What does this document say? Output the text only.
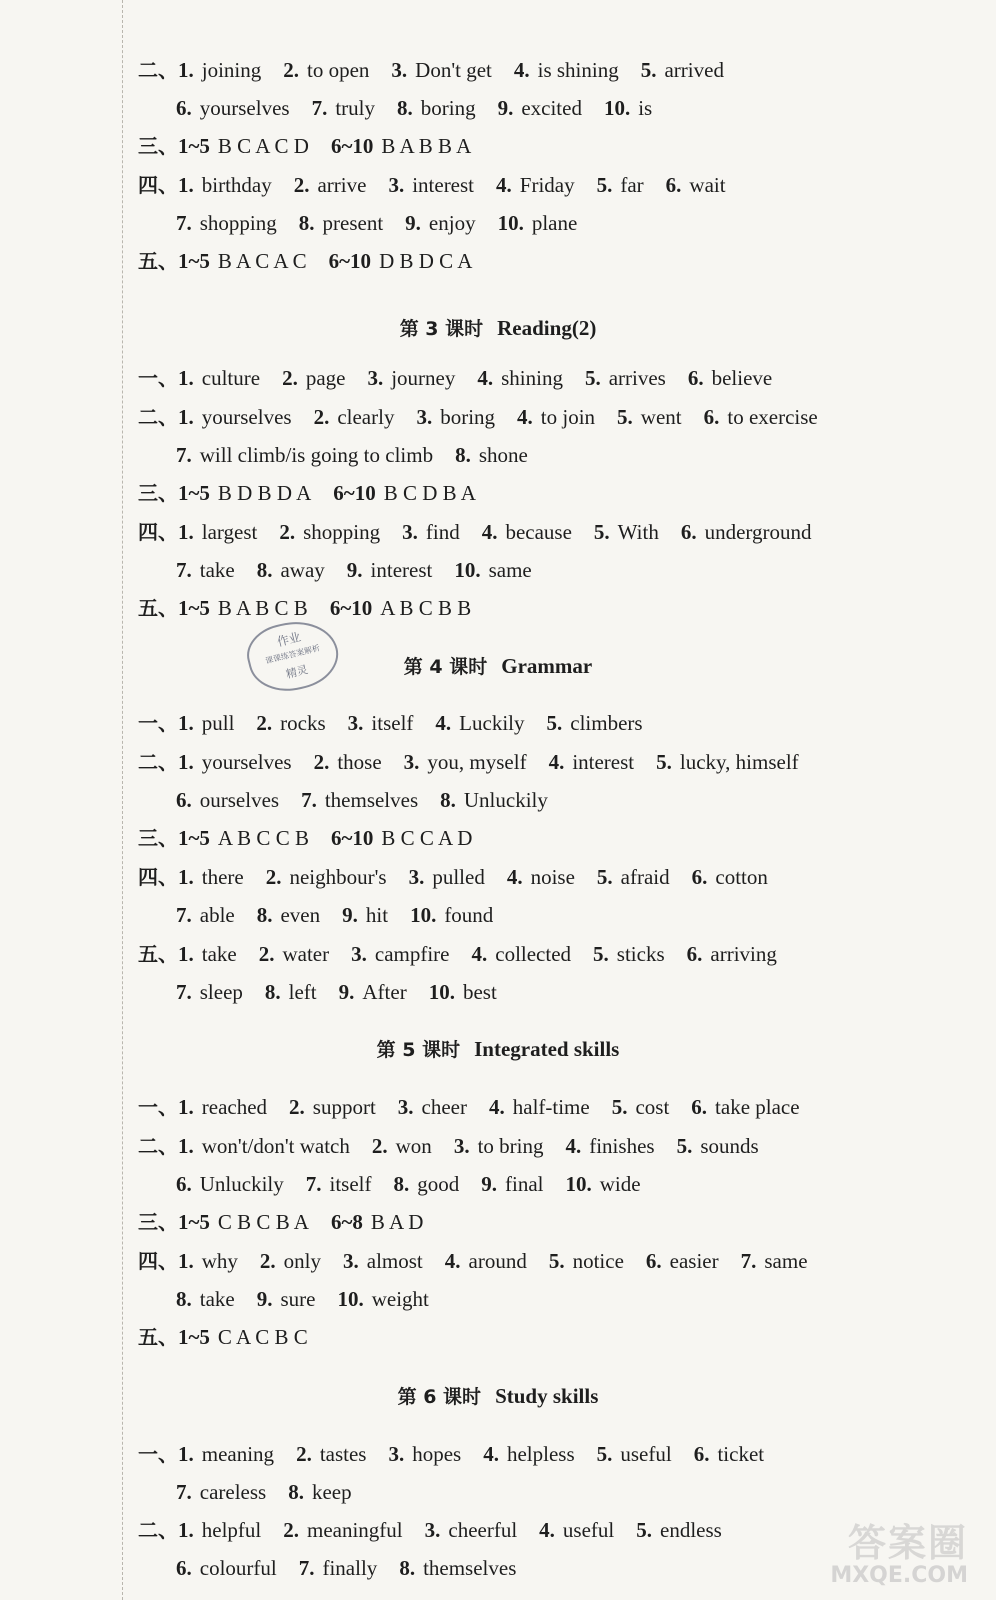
二、1. joining 2. to open 3. Don't get 4. is shining 5. arrived
6. yourselves 7. truly 8. boring 9. excited 10. is
三、1~5 B C A C D 6~10 B A B B A
四、1. birthday 2. arrive 3. interest 4. Friday 5. far 6. wait
7. shopping 8. present 9. enjoy 10. plane
五、1~5 B A C A C 6~10 D B D C A
一、1. culture 2. page 3. journey 4. shining 5. arrives 6. believe
二、1. yourselves 2. clearly 3. boring 4. to join 5. went 6. to exercise
7. will climb/is going to climb 8. shone
三、1~5 B D B D A 6~10 B C D B A
四、1. largest 2. shopping 3. find 4. because 5. With 6. underground
7. take 8. away 9. interest 10. same
五、1~5 B A B C B 6~10 A B C B B
一、1. pull 2. rocks 3. itself 4. Luckily 5. climbers
二、1. yourselves 2. those 3. you, myself 4. interest 5. lucky, himself
6. ourselves 7. themselves 8. Unluckily
三、1~5 A B C C B 6~10 B C C A D
四、1. there 2. neighbour's 3. pulled 4. noise 5. afraid 6. cotton
7. able 8. even 9. hit 10. found
五、1. take 2. water 3. campfire 4. collected 5. sticks 6. arriving
7. sleep 8. left 9. After 10. best
一、1. reached 2. support 3. cheer 4. half-time 5. cost 6. take place
二、1. won't/don't watch 2. won 3. to bring 4. finishes 5. sounds
6. Unluckily 7. itself 8. good 9. final 10. wide
三、1~5 C B C B A 6~8 B A D
四、1. why 2. only 3. almost 4. around 5. notice 6. easier 7. same
8. take 9. sure 10. weight
五、1~5 C A C B C
一、1. meaning 2. tastes 3. hopes 4. helpless 5. useful 6. ticket
7. careless 8. keep
二、1. helpful 2. meaningful 3. cheerful 4. useful 5. endless
6. colourful 7. finally 8. themselves
第 3 课时 Reading(2)
第 4 课时 Grammar
第 5 课时 Integrated skills
第 6 课时 Study skills
作业
课课练答案解析
精灵
答案圈
MXQE.COM
